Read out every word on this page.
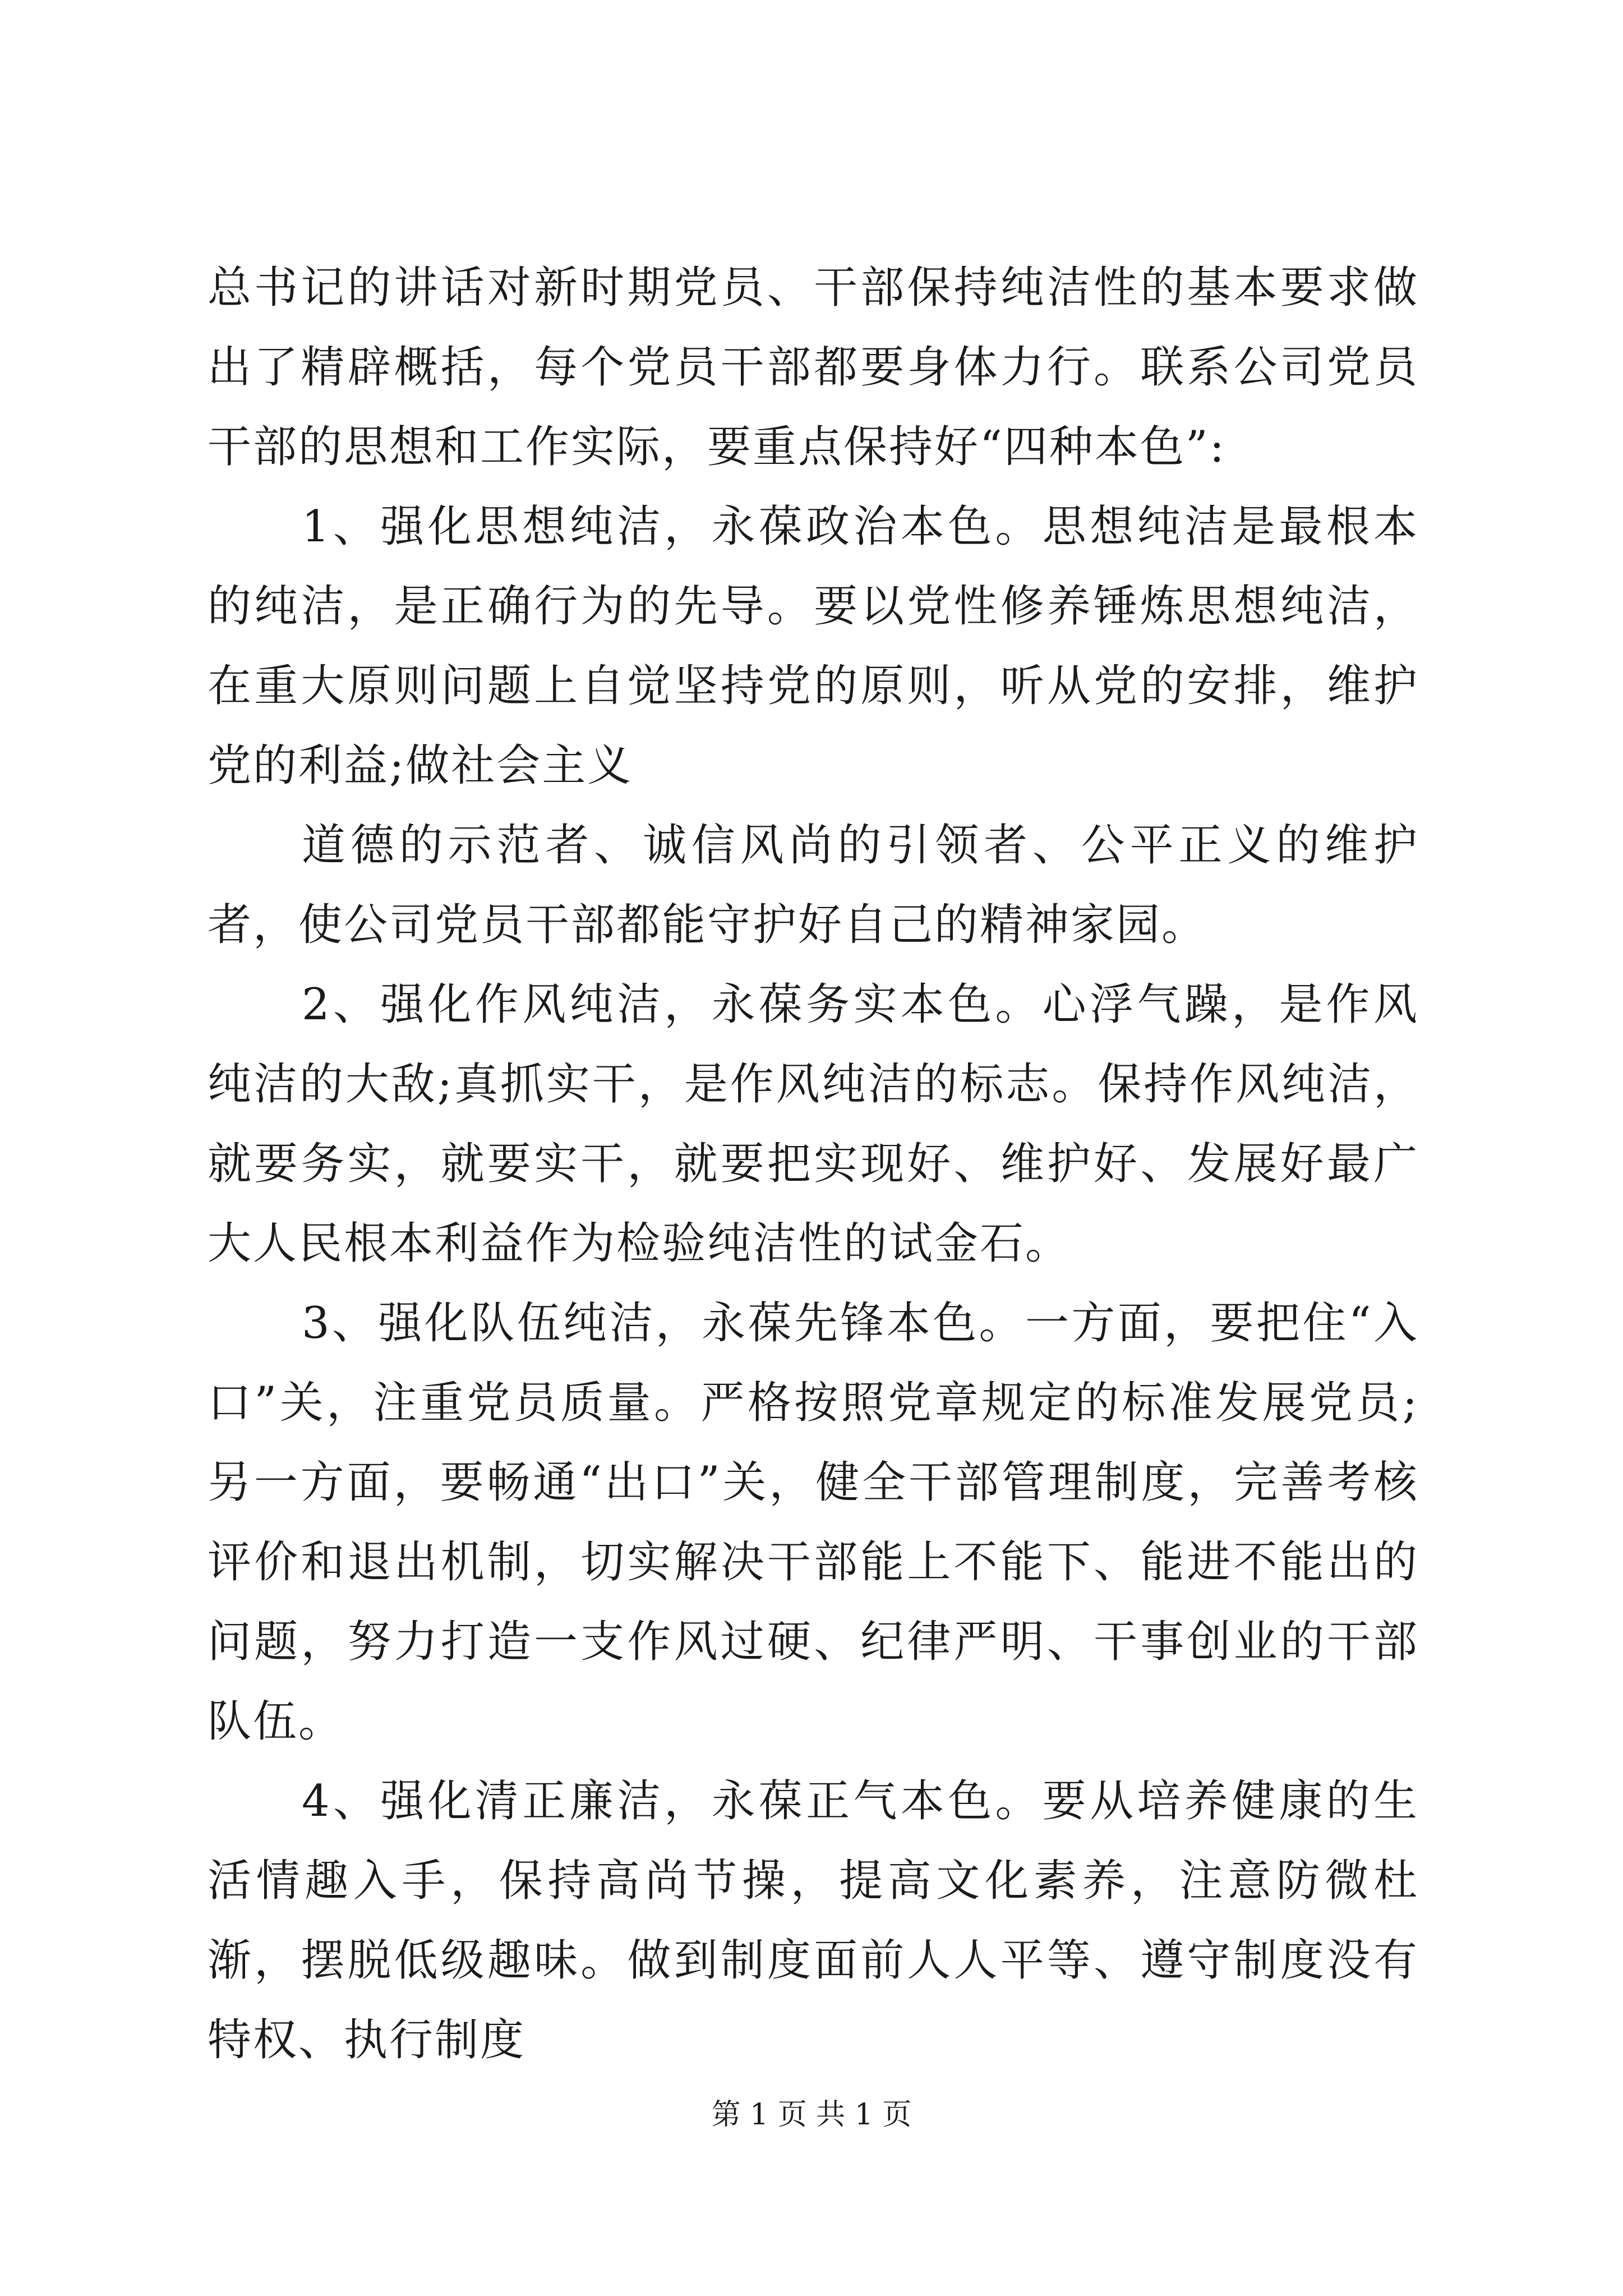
总书记的讲话对新时期党员、干部保持纯洁性的基本要求做出了精辟概括，每个党员干部都要身体力行。联系公司党员干部的思想和工作实际，要重点保持好“四种本色”:

1、强化思想纯洁，永葆政治本色。思想纯洁是最根本的纯洁，是正确行为的先导。要以党性修养锤炼思想纯洁，在重大原则问题上自觉坚持党的原则，听从党的安排，维护党的利益;做社会主义

道德的示范者、诚信风尚的引领者、公平正义的维护者，使公司党员干部都能守护好自己的精神家园。

2、强化作风纯洁，永葆务实本色。心浮气躁，是作风纯洁的大敌;真抓实干，是作风纯洁的标志。保持作风纯洁，就要务实，就要实干，就要把实现好、维护好、发展好最广大人民根本利益作为检验纯洁性的试金石。

3、强化队伍纯洁，永葆先锋本色。一方面，要把住“入口”关，注重党员质量。严格按照党章规定的标准发展党员;另一方面，要畅通“出口”关，健全干部管理制度，完善考核评价和退出机制，切实解决干部能上不能下、能进不能出的问题，努力打造一支作风过硬、纪律严明、干事创业的干部队伍。

4、强化清正廉洁，永葆正气本色。要从培养健康的生活情趣入手，保持高尚节操，提高文化素养，注意防微杜渐，摆脱低级趣味。做到制度面前人人平等、遵守制度没有特权、执行制度

第 1 页 共 1 页
